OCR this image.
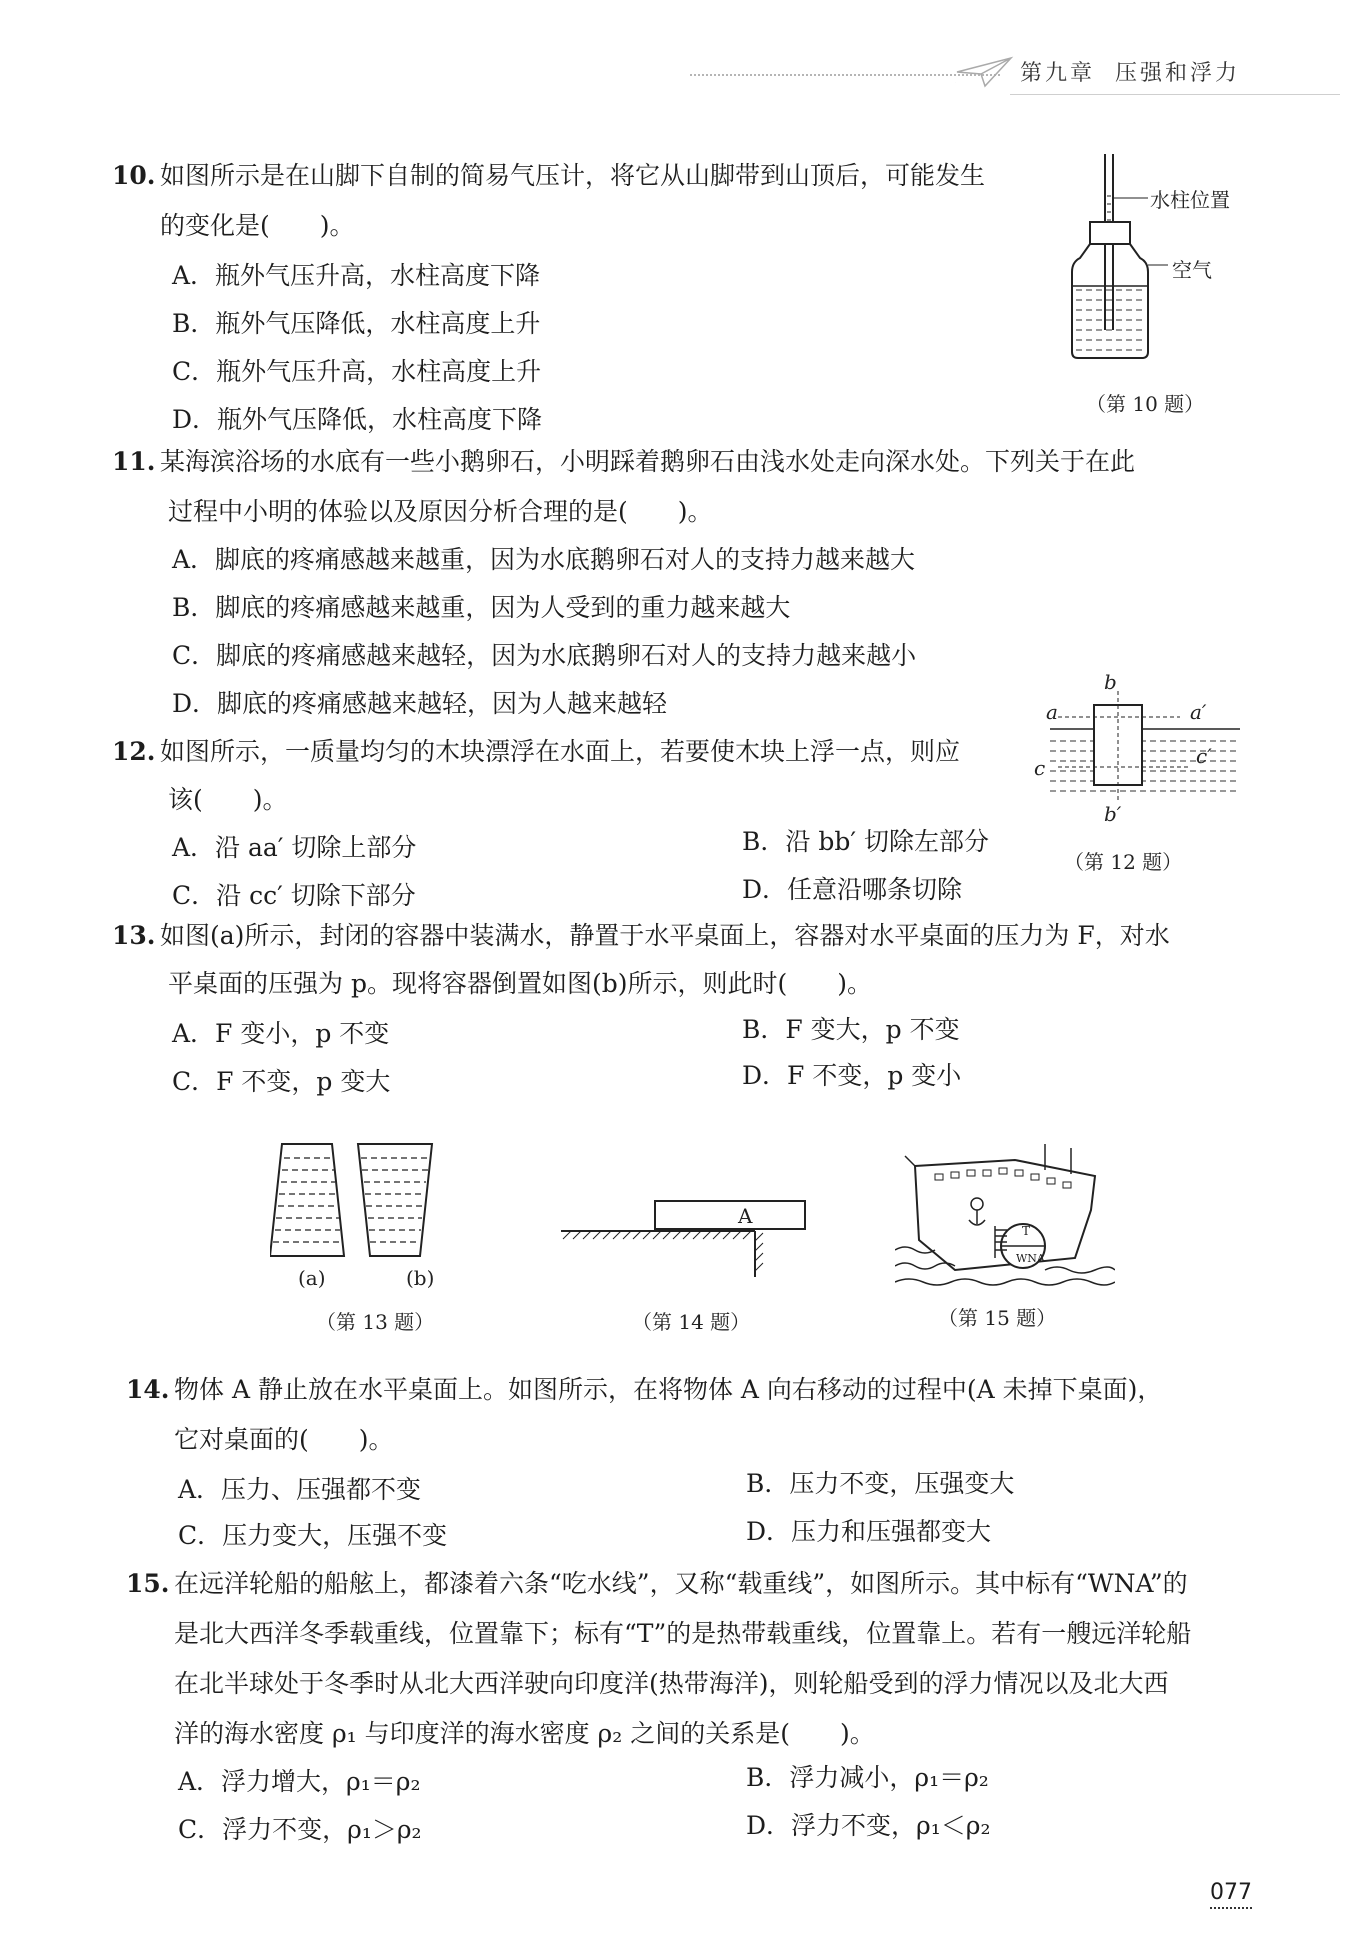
第九章 压强和浮力
10. 如图所示是在山脚下自制的简易气压计，将它从山脚带到山顶后，可能发生
的变化是(　　)。
A．瓶外气压升高，水柱高度下降
B．瓶外气压降低，水柱高度上升
C．瓶外气压升高，水柱高度上升
D．瓶外气压降低，水柱高度下降
水柱位置
空气
（第 10 题）
11. 某海滨浴场的水底有一些小鹅卵石，小明踩着鹅卵石由浅水处走向深水处。下列关于在此
过程中小明的体验以及原因分析合理的是(　　)。
A．脚底的疼痛感越来越重，因为水底鹅卵石对人的支持力越来越大
B．脚底的疼痛感越来越重，因为人受到的重力越来越大
C．脚底的疼痛感越来越轻，因为水底鹅卵石对人的支持力越来越小
D．脚底的疼痛感越来越轻，因为人越来越轻
12. 如图所示，一质量均匀的木块漂浮在水面上，若要使木块上浮一点，则应
该(　　)。
A．沿 aa′ 切除上部分	B．沿 bb′ 切除左部分
C．沿 cc′ 切除下部分	D．任意沿哪条切除
a	a′
b
b′
c	c′
（第 12 题）
13. 如图(a)所示，封闭的容器中装满水，静置于水平桌面上，容器对水平桌面的压力为 F，对水
平桌面的压强为 p。现将容器倒置如图(b)所示，则此时(　　)。
A．F 变小，p 不变	B．F 变大，p 不变
C．F 不变，p 变大	D．F 不变，p 变小
(a)	(b)
（第 13 题）
A
（第 14 题）
T
WNA
（第 15 题）
14. 物体 A 静止放在水平桌面上。如图所示，在将物体 A 向右移动的过程中(A 未掉下桌面)，
它对桌面的(　　)。
A．压力、压强都不变	B．压力不变，压强变大
C．压力变大，压强不变	D．压力和压强都变大
15. 在远洋轮船的船舷上，都漆着六条“吃水线”，又称“载重线”，如图所示。其中标有“WNA”的
是北大西洋冬季载重线，位置靠下；标有“T”的是热带载重线，位置靠上。若有一艘远洋轮船
在北半球处于冬季时从北大西洋驶向印度洋(热带海洋)，则轮船受到的浮力情况以及北大西
洋的海水密度 ρ₁ 与印度洋的海水密度 ρ₂ 之间的关系是(　　)。
A．浮力增大，ρ₁＝ρ₂	B．浮力减小，ρ₁＝ρ₂
C．浮力不变，ρ₁＞ρ₂	D．浮力不变，ρ₁＜ρ₂
077
